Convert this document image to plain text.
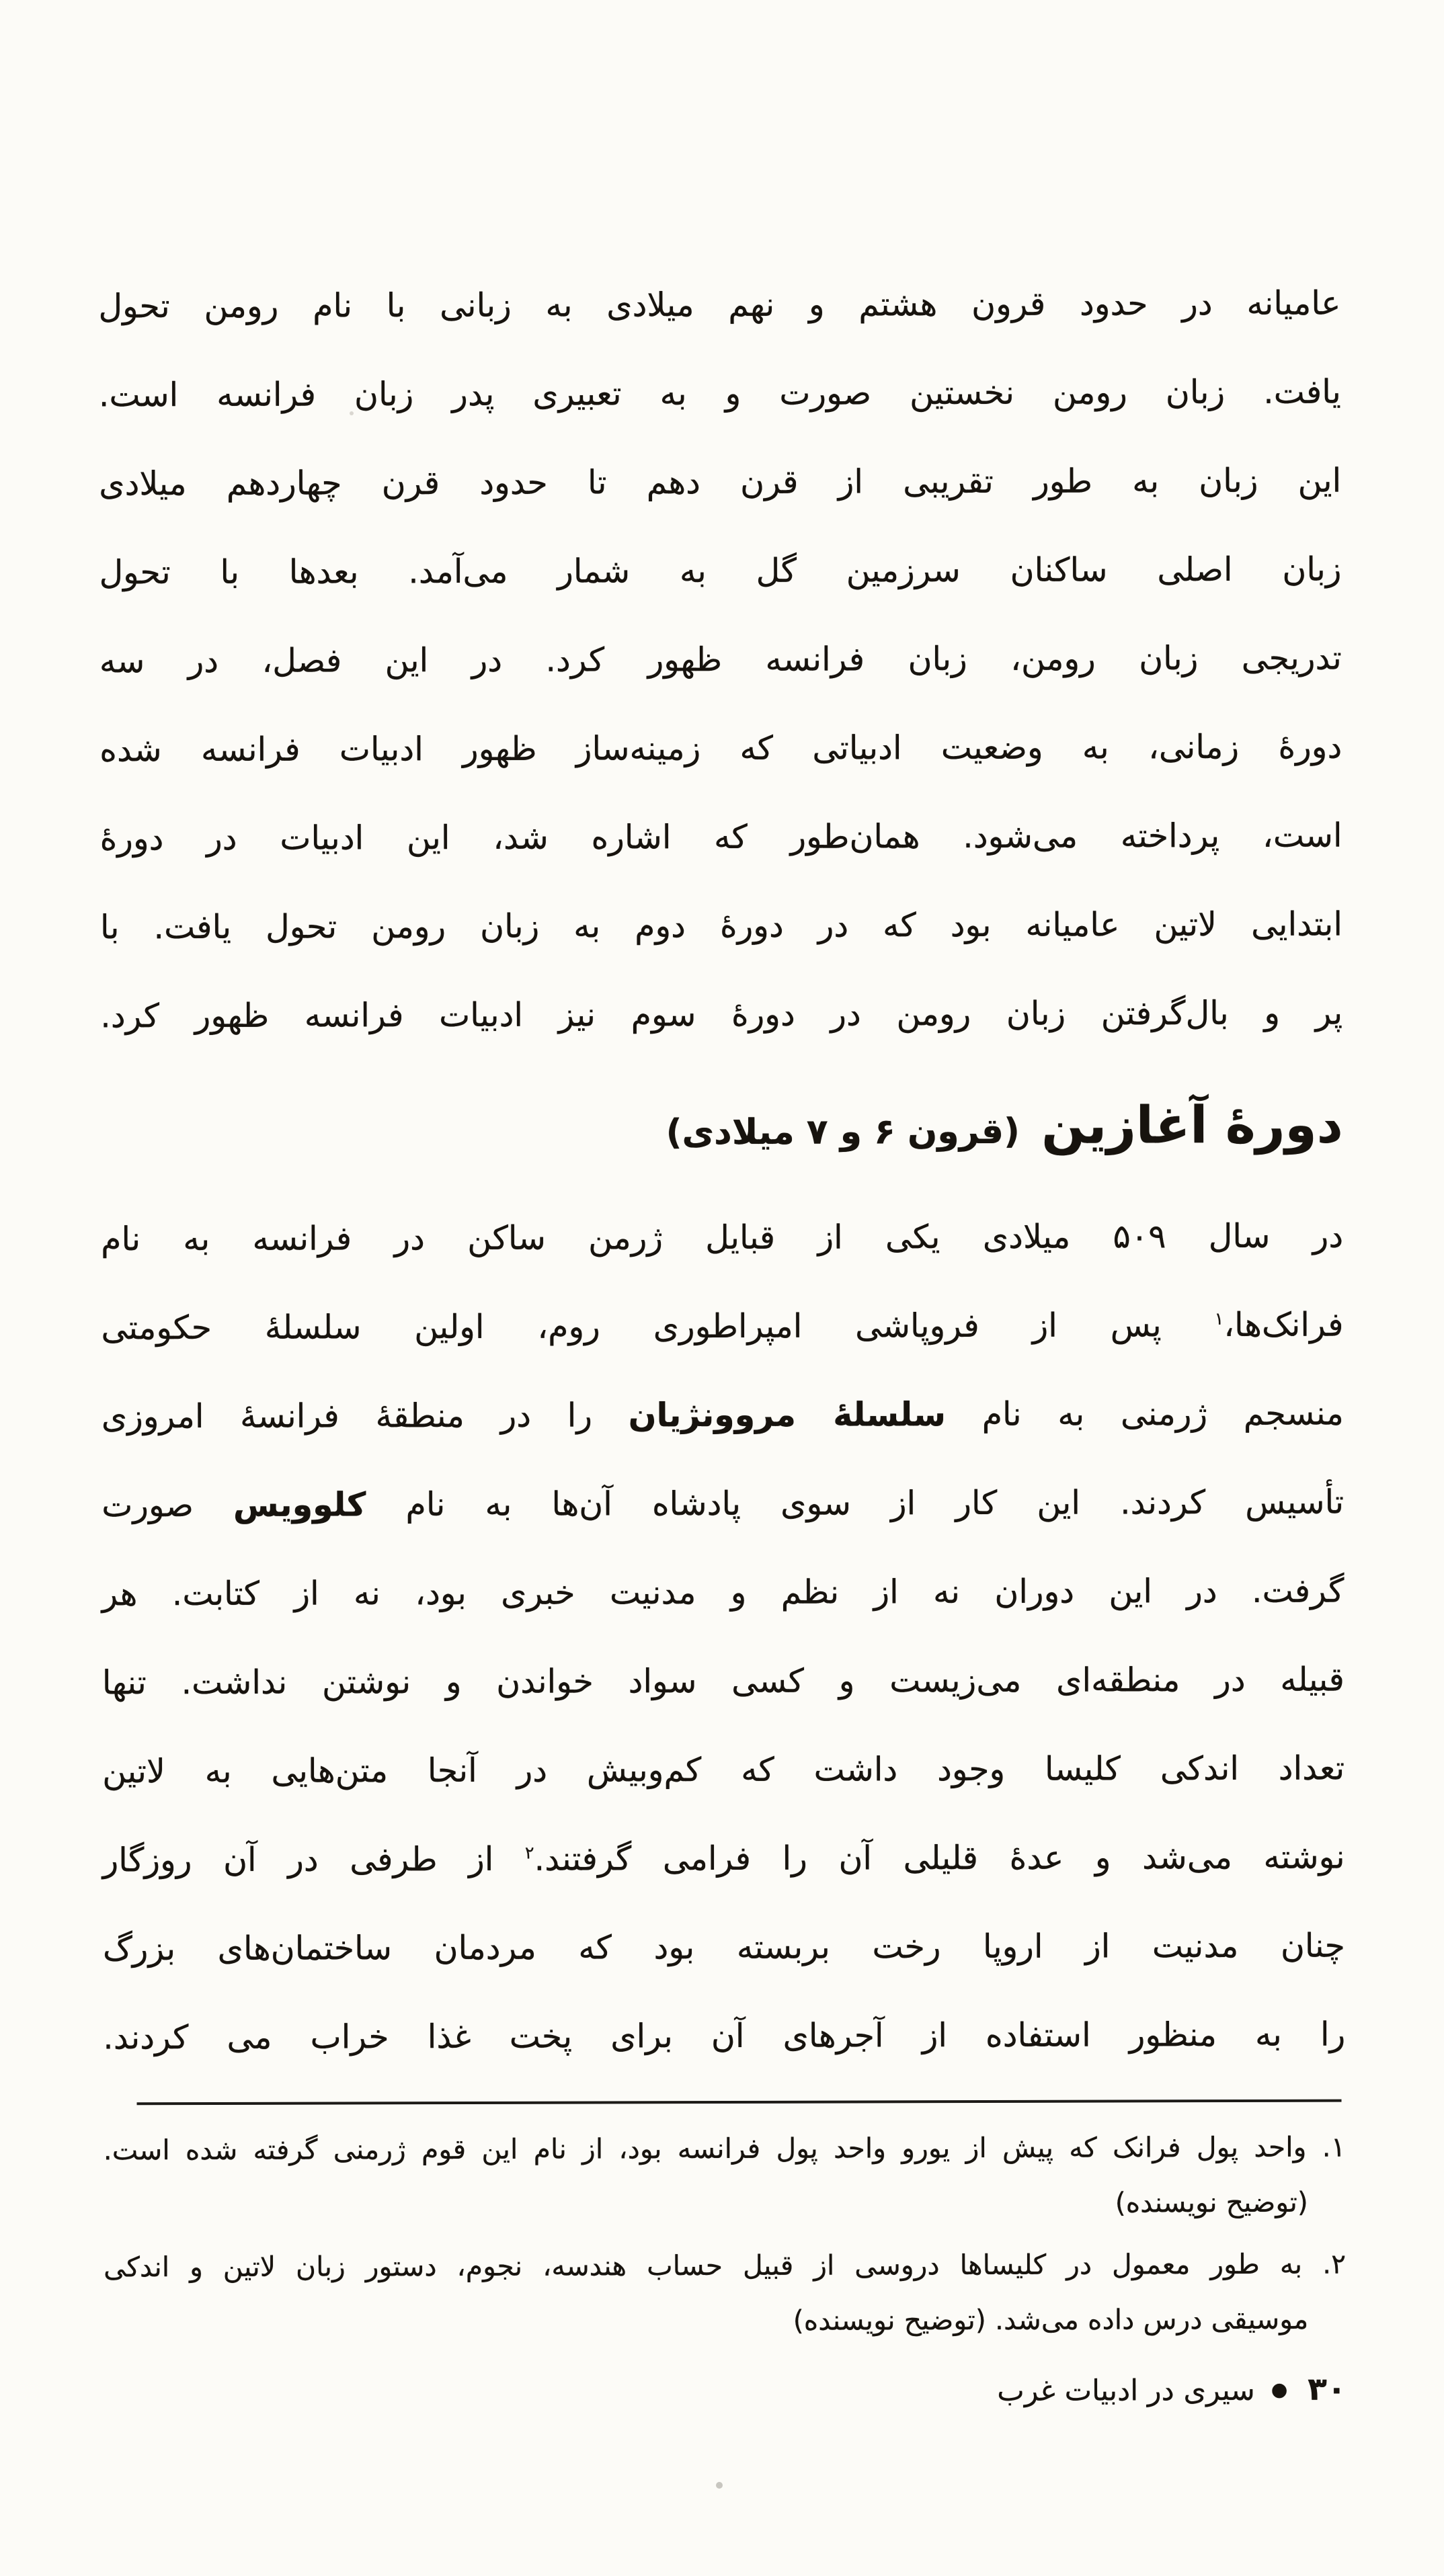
عامیانه در حدود قرون هشتم و نهم میلادی به زبانی با نام رومن تحول
یافت. زبان رومن نخستین صورت و به تعبیری پدر زبان فرانسه است.
این زبان به طور تقریبی از قرن دهم تا حدود قرن چهاردهم میلادی
زبان اصلی ساکنان سرزمین گل به شمار می‌آمد. بعدها با تحول
تدریجی زبان رومن، زبان فرانسه ظهور کرد. در این فصل، در سه
دورهٔ زمانی، به وضعیت ادبیاتی که زمینه‌ساز ظهور ادبیات فرانسه شده
است، پرداخته می‌شود. همان‌طور که اشاره شد، این ادبیات در دورهٔ
ابتدایی لاتین عامیانه بود که در دورهٔ دوم به زبان رومن تحول یافت. با
پر و بال‌گرفتن زبان رومن در دورهٔ سوم نیز ادبیات فرانسه ظهور کرد.
دورهٔ آغازین (قرون ۶ و ۷ میلادی)
در سال ۵۰۹ میلادی یکی از قبایل ژرمن ساکن در فرانسه به نام
فرانک‌ها،$^۱$ پس از فروپاشی امپراطوری روم، اولین سلسلهٔ حکومتی
منسجم ژرمنی به نام سلسلهٔ مروونژیان را در منطقهٔ فرانسهٔ امروزی
تأسیس کردند. این کار از سوی پادشاه آن‌ها به نام کلوویس صورت
گرفت. در این دوران نه از نظم و مدنیت خبری بود، نه از کتابت. هر
قبیله در منطقه‌ای می‌زیست و کسی سواد خواندن و نوشتن نداشت. تنها
تعداد اندکی کلیسا وجود داشت که کم‌وبیش در آنجا متن‌هایی به لاتین
نوشته می‌شد و عدهٔ قلیلی آن را فرامی گرفتند.$^۲$ از طرفی در آن روزگار
چنان مدنیت از اروپا رخت بربسته بود که مردمان ساختمان‌های بزرگ
را به منظور استفاده از آجرهای آن برای پخت غذا خراب می کردند.
۱. واحد پول فرانک که پیش از یورو واحد پول فرانسه بود، از نام این قوم ژرمنی گرفته شده است.
(توضیح نویسنده)
۲. به طور معمول در کلیساها دروسی از قبیل حساب هندسه، نجوم، دستور زبان لاتین و اندکی
موسیقی درس داده می‌شد. (توضیح نویسنده)
۳۰●سیری در ادبیات غرب
